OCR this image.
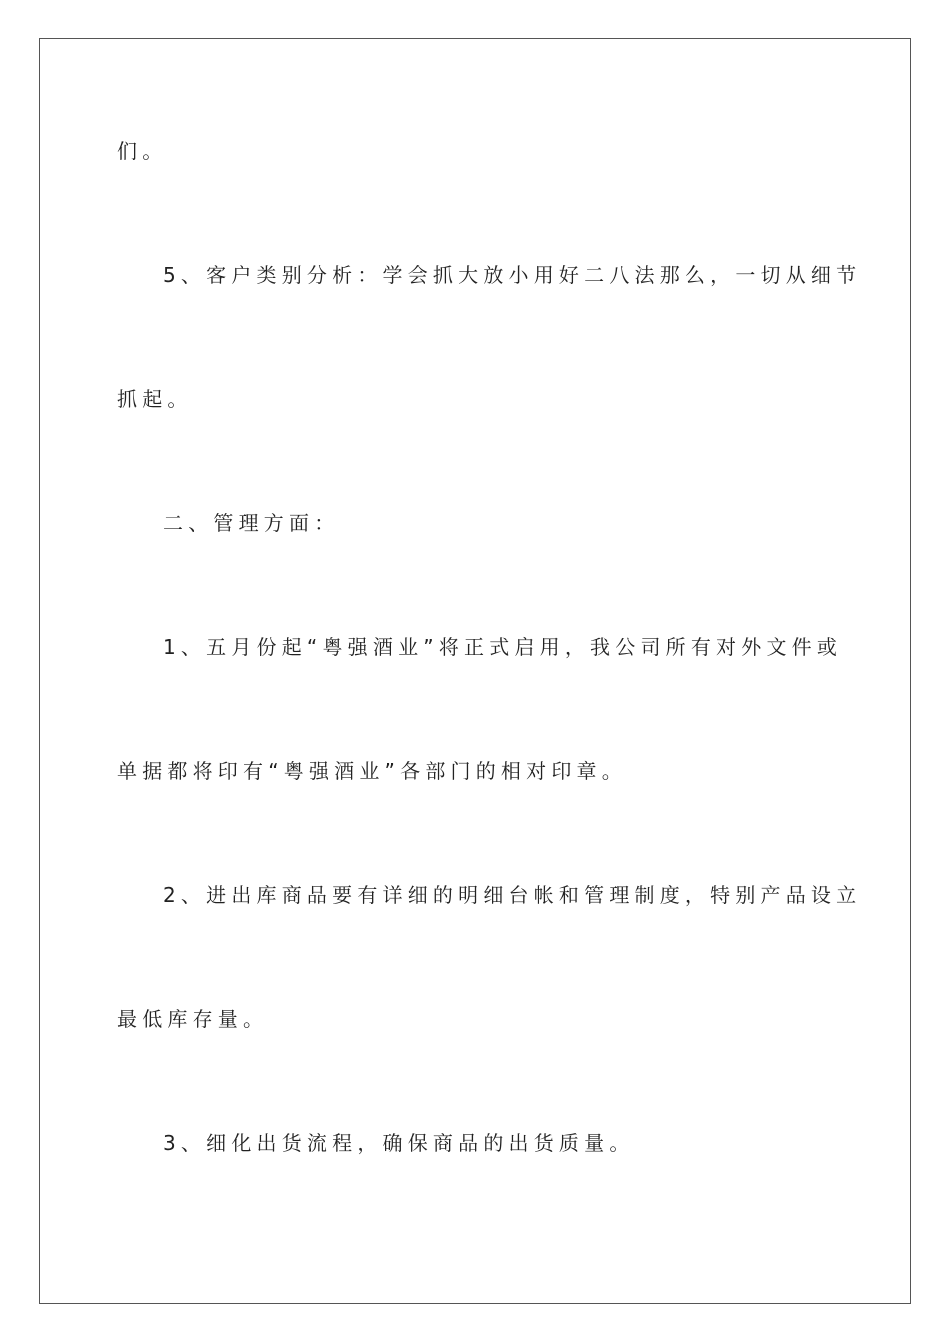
们。
5、客户类别分析：学会抓大放小用好二八法那么，一切从细节
抓起。
二、管理方面：
1、五月份起“粤强酒业”将正式启用，我公司所有对外文件或
单据都将印有“粤强酒业”各部门的相对印章。
2、进出库商品要有详细的明细台帐和管理制度，特别产品设立
最低库存量。
3、细化出货流程，确保商品的出货质量。
